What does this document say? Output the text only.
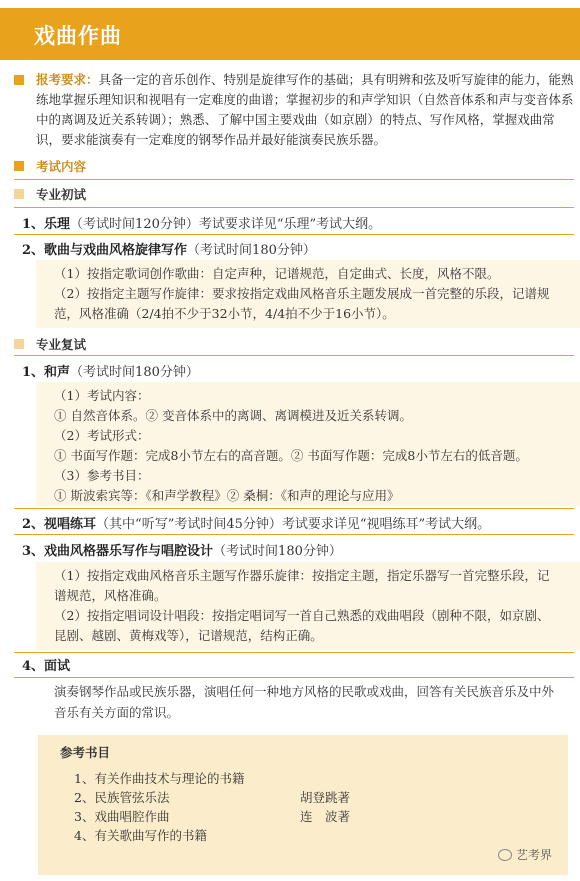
戏曲作曲
报考要求：具备一定的音乐创作、特别是旋律写作的基础；具有明辨和弦及听写旋律的能力，能熟练地掌握乐理知识和视唱有一定难度的曲谱；掌握初步的和声学知识（自然音体系和声与变音体系中的离调及近关系转调）；熟悉、了解中国主要戏曲（如京剧）的特点、写作风格，掌握戏曲常识，要求能演奏有一定难度的钢琴作品并最好能演奏民族乐器。
考试内容
专业初试
1、乐理（考试时间120分钟）考试要求详见“乐理”考试大纲。
2、歌曲与戏曲风格旋律写作（考试时间180分钟）
（1）按指定歌词创作歌曲：自定声种，记谱规范，自定曲式、长度，风格不限。
（2）按指定主题写作旋律：要求按指定戏曲风格音乐主题发展成一首完整的乐段，记谱规
范，风格准确（2/4拍不少于32小节，4/4拍不少于16小节）。
专业复试
1、和声（考试时间180分钟）
（1）考试内容：
① 自然音体系。② 变音体系中的离调、离调模进及近关系转调。
（2）考试形式：
① 书面写作题：完成8小节左右的高音题。② 书面写作题：完成8小节左右的低音题。
（3）参考书目：
① 斯波索宾等：《和声学教程》② 桑桐：《和声的理论与应用》
2、视唱练耳（其中“听写”考试时间45分钟）考试要求详见“视唱练耳”考试大纲。
3、戏曲风格器乐写作与唱腔设计（考试时间180分钟）
（1）按指定戏曲风格音乐主题写作器乐旋律：按指定主题，指定乐器写一首完整乐段，记
谱规范，风格准确。
（2）按指定唱词设计唱段：按指定唱词写一首自己熟悉的戏曲唱段（剧种不限，如京剧、
昆剧、越剧、黄梅戏等），记谱规范，结构正确。
4、面试
演奏钢琴作品或民族乐器，演唱任何一种地方风格的民歌或戏曲，回答有关民族音乐及中外
音乐有关方面的常识。
参考书目
1、有关作曲技术与理论的书籍
2、民族管弦乐法	胡登跳著
3、戏曲唱腔作曲	连　波著
4、有关歌曲写作的书籍
艺考界
